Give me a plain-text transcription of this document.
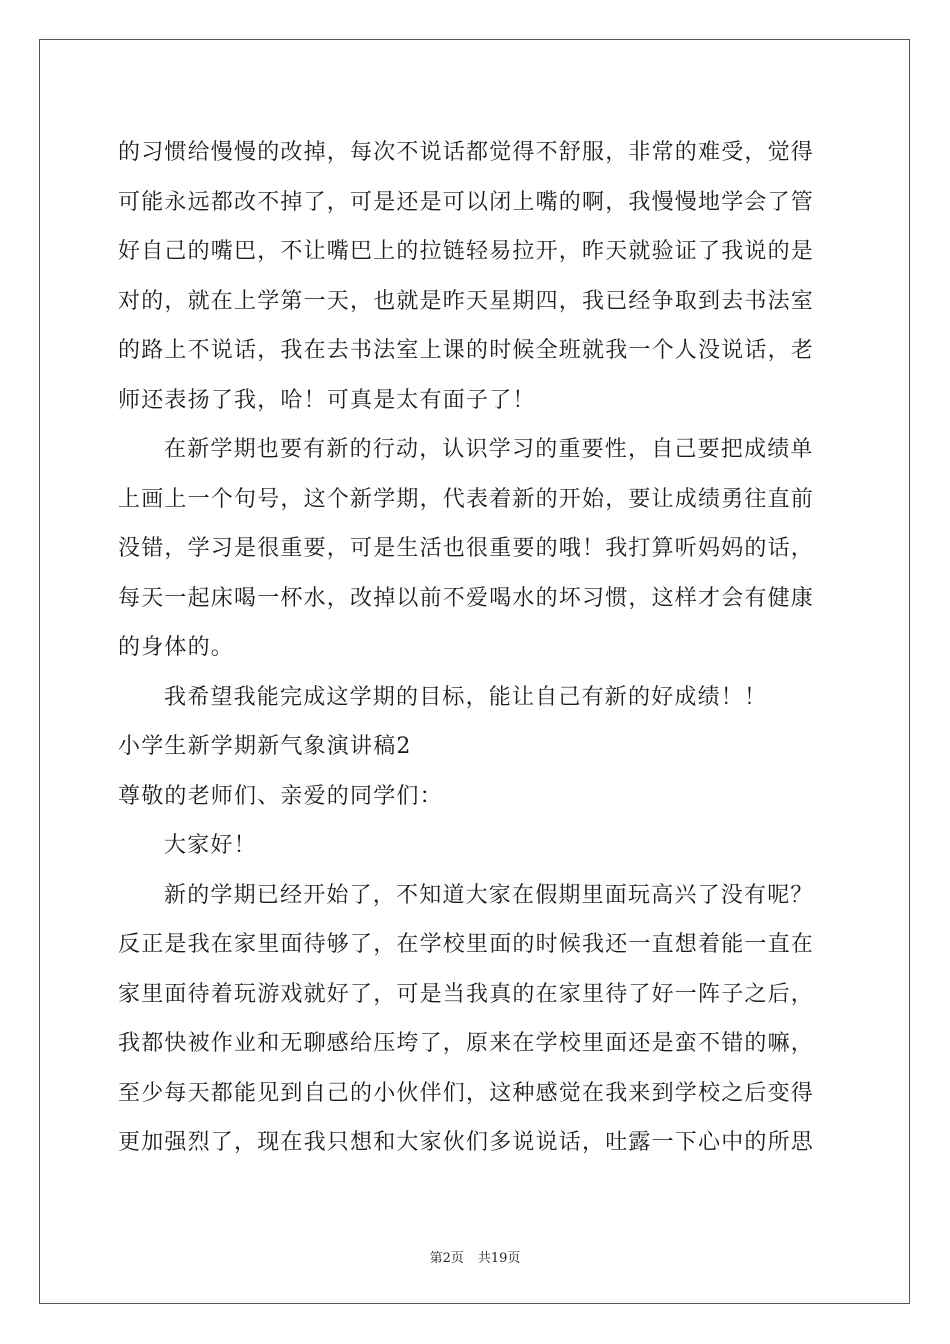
的习惯给慢慢的改掉，每次不说话都觉得不舒服，非常的难受，觉得
可能永远都改不掉了，可是还是可以闭上嘴的啊，我慢慢地学会了管
好自己的嘴巴，不让嘴巴上的拉链轻易拉开，昨天就验证了我说的是
对的，就在上学第一天，也就是昨天星期四，我已经争取到去书法室
的路上不说话，我在去书法室上课的时候全班就我一个人没说话，老
师还表扬了我，哈！可真是太有面子了！
在新学期也要有新的行动，认识学习的重要性，自己要把成绩单
上画上一个句号，这个新学期，代表着新的开始，要让成绩勇往直前
没错，学习是很重要，可是生活也很重要的哦！我打算听妈妈的话，
每天一起床喝一杯水，改掉以前不爱喝水的坏习惯，这样才会有健康
的身体的。
我希望我能完成这学期的目标，能让自己有新的好成绩！！
小学生新学期新气象演讲稿2
尊敬的老师们、亲爱的同学们：
大家好！
新的学期已经开始了，不知道大家在假期里面玩高兴了没有呢？
反正是我在家里面待够了，在学校里面的时候我还一直想着能一直在
家里面待着玩游戏就好了，可是当我真的在家里待了好一阵子之后，
我都快被作业和无聊感给压垮了，原来在学校里面还是蛮不错的嘛，
至少每天都能见到自己的小伙伴们，这种感觉在我来到学校之后变得
更加强烈了，现在我只想和大家伙们多说说话，吐露一下心中的所思
第2页 共19页
